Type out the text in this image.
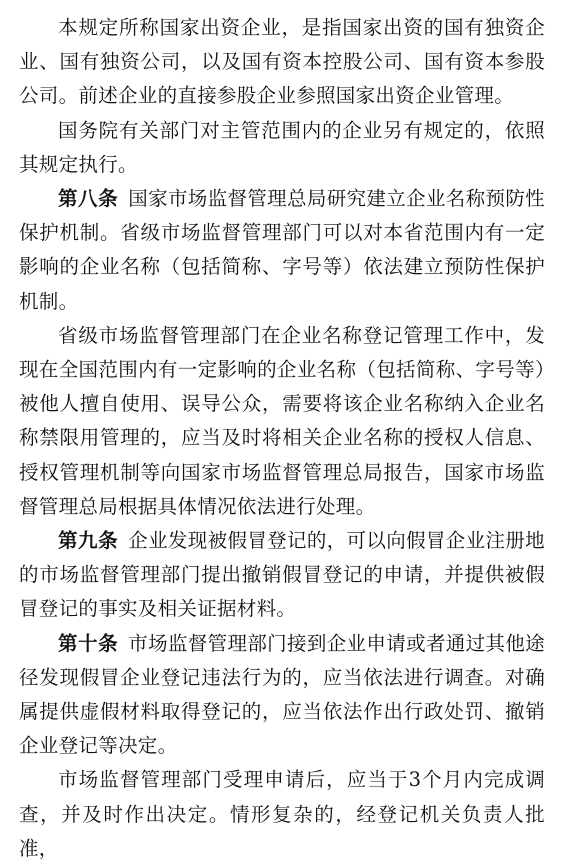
本规定所称国家出资企业，是指国家出资的国有独资企业、国有独资公司，以及国有资本控股公司、国有资本参股公司。前述企业的直接参股企业参照国家出资企业管理。

国务院有关部门对主管范围内的企业另有规定的，依照其规定执行。

第八条  国家市场监督管理总局研究建立企业名称预防性保护机制。省级市场监督管理部门可以对本省范围内有一定影响的企业名称（包括简称、字号等）依法建立预防性保护机制。

省级市场监督管理部门在企业名称登记管理工作中，发现在全国范围内有一定影响的企业名称（包括简称、字号等）被他人擅自使用、误导公众，需要将该企业名称纳入企业名称禁限用管理的，应当及时将相关企业名称的授权人信息、授权管理机制等向国家市场监督管理总局报告，国家市场监督管理总局根据具体情况依法进行处理。

第九条  企业发现被假冒登记的，可以向假冒企业注册地的市场监督管理部门提出撤销假冒登记的申请，并提供被假冒登记的事实及相关证据材料。

第十条  市场监督管理部门接到企业申请或者通过其他途径发现假冒企业登记违法行为的，应当依法进行调查。对确属提供虚假材料取得登记的，应当依法作出行政处罚、撤销企业登记等决定。

市场监督管理部门受理申请后，应当于3个月内完成调查，并及时作出决定。情形复杂的，经登记机关负责人批准，
